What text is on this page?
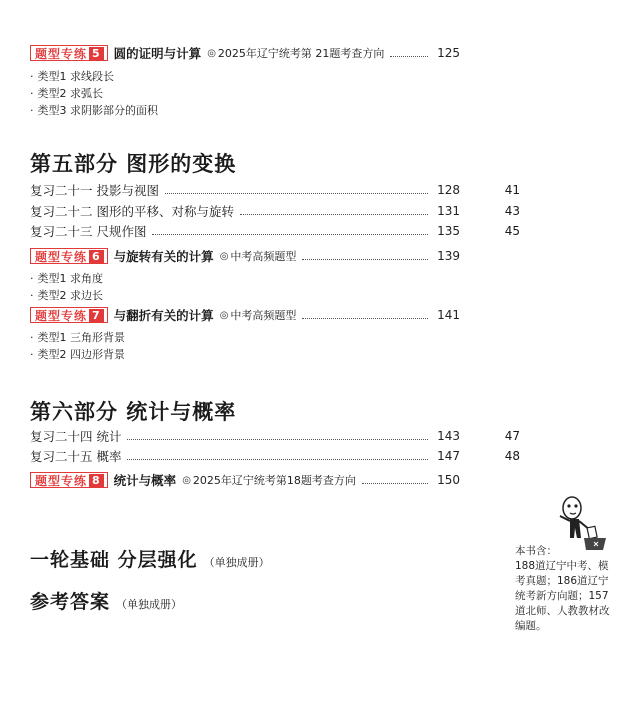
题型专练 5 圆的证明与计算 ◎ 2025年辽宁统考第 21题考查方向	125
· 类型1 求线段长
· 类型2 求弧长
· 类型3 求阴影部分的面积
第五部分 图形的变换
复习二十一 投影与视图	128	41
复习二十二 图形的平移、对称与旋转	131	43
复习二十三 尺规作图	135	45
题型专练 6 与旋转有关的计算 ◎ 中考高频题型	139
· 类型1 求角度
· 类型2 求边长
题型专练 7 与翻折有关的计算 ◎ 中考高频题型	141
· 类型1 三角形背景
· 类型2 四边形背景
第六部分 统计与概率
复习二十四 统计	143	47
复习二十五 概率	147	48
题型专练 8 统计与概率 ◎ 2025年辽宁统考第18题考查方向	150
一轮基础 分层强化 （单独成册）
参考答案 （单独成册）
本书含：
188道辽宁中考、模考真题；186道辽宁统考新方向题；157道北师、人教教材改编题。
